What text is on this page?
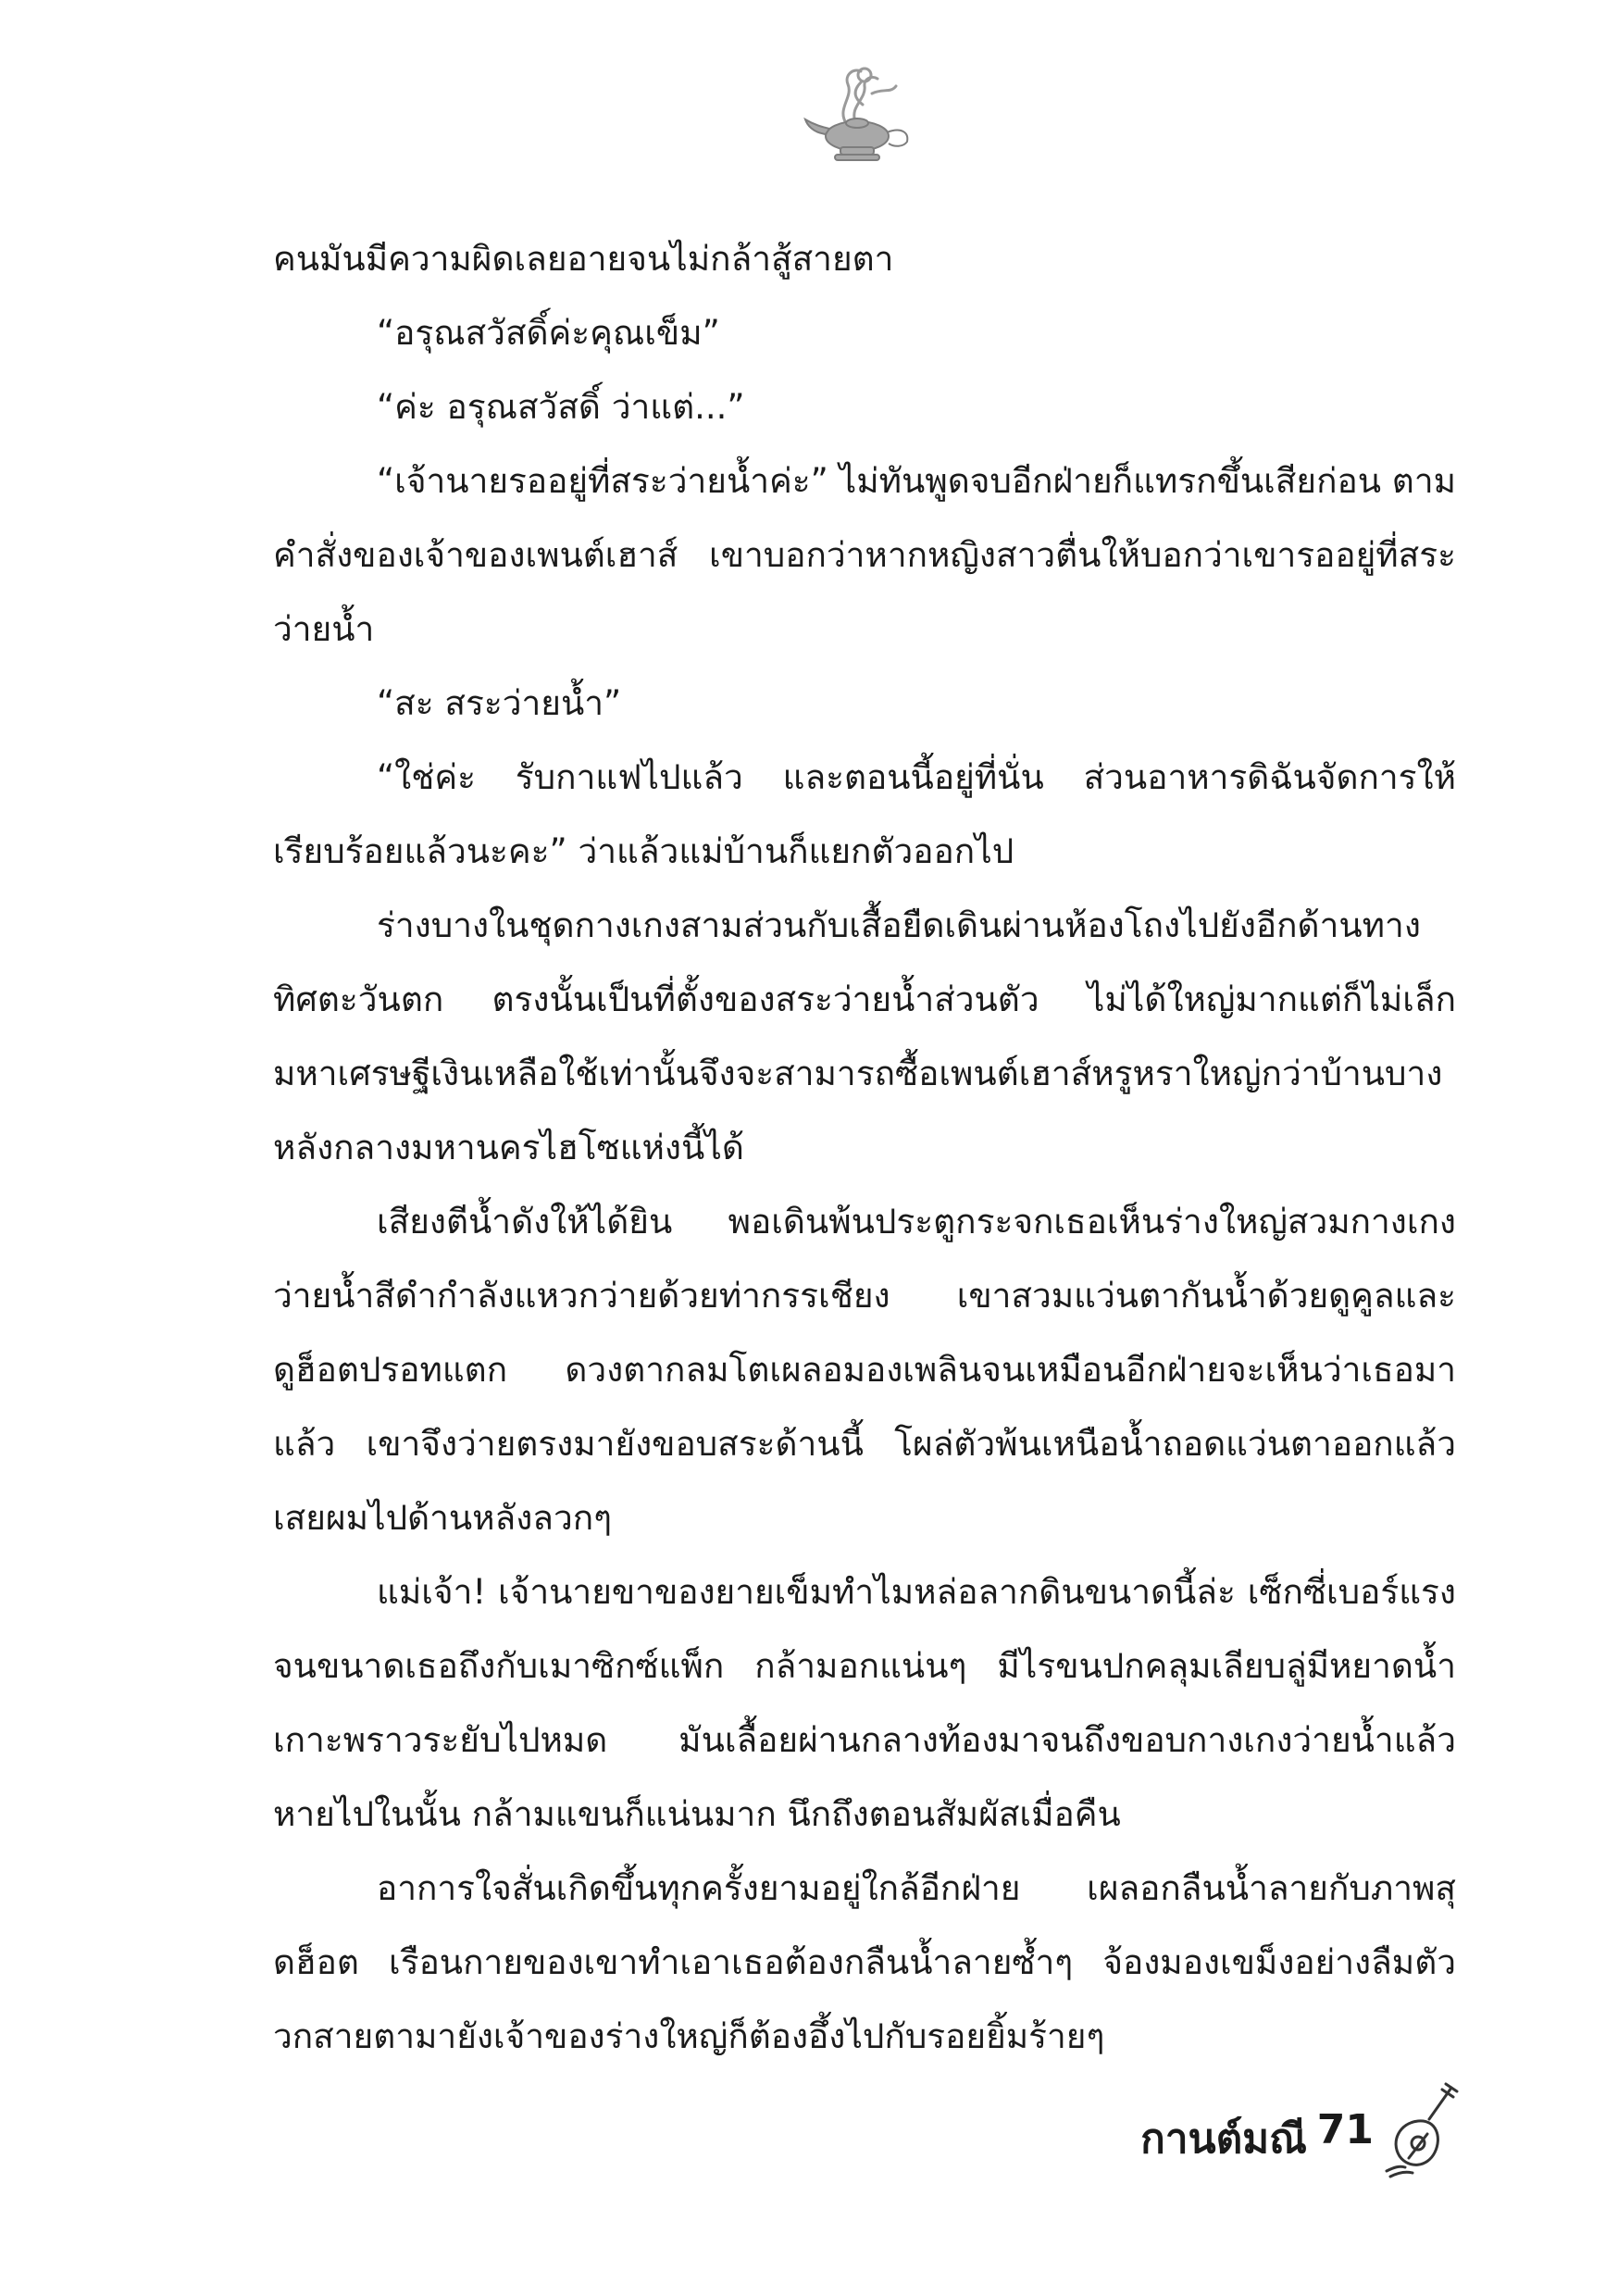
คนมันมีความผิดเลยอายจนไม่กล้าสู้สายตา

“อรุณสวัสดิ์ค่ะคุณเข็ม”

“ค่ะ อรุณสวัสดิ์ ว่าแต่...”

“เจ้านายรออยู่ที่สระว่ายน้ำค่ะ” ไม่ทันพูดจบอีกฝ่ายก็แทรกขึ้นเสียก่อน ตามคำสั่งของเจ้าของเพนต์เฮาส์ เขาบอกว่าหากหญิงสาวตื่นให้บอกว่าเขารออยู่ที่สระว่ายน้ำ

“สะ สระว่ายน้ำ”

“ใช่ค่ะ รับกาแฟไปแล้ว และตอนนี้อยู่ที่นั่น ส่วนอาหารดิฉันจัดการให้เรียบร้อยแล้วนะคะ” ว่าแล้วแม่บ้านก็แยกตัวออกไป

ร่างบางในชุดกางเกงสามส่วนกับเสื้อยืดเดินผ่านห้องโถงไปยังอีกด้านทางทิศตะวันตก ตรงนั้นเป็นที่ตั้งของสระว่ายน้ำส่วนตัว ไม่ได้ใหญ่มากแต่ก็ไม่เล็ก มหาเศรษฐีเงินเหลือใช้เท่านั้นจึงจะสามารถซื้อเพนต์เฮาส์หรูหราใหญ่กว่าบ้านบางหลังกลางมหานครไฮโซแห่งนี้ได้

เสียงตีน้ำดังให้ได้ยิน พอเดินพ้นประตูกระจกเธอเห็นร่างใหญ่สวมกางเกงว่ายน้ำสีดำกำลังแหวกว่ายด้วยท่ากรรเชียง เขาสวมแว่นตากันน้ำด้วยดูคูลและดูฮ็อตปรอทแตก ดวงตากลมโตเผลอมองเพลินจนเหมือนอีกฝ่ายจะเห็นว่าเธอมาแล้ว เขาจึงว่ายตรงมายังขอบสระด้านนี้ โผล่ตัวพ้นเหนือน้ำถอดแว่นตาออกแล้วเสยผมไปด้านหลังลวกๆ

แม่เจ้า! เจ้านายขาของยายเข็มทำไมหล่อลากดินขนาดนี้ล่ะ เซ็กซี่เบอร์แรงจนขนาดเธอถึงกับเมาซิกซ์แพ็ก กล้ามอกแน่นๆ มีไรขนปกคลุมเลียบลู่มีหยาดน้ำเกาะพราวระยับไปหมด มันเลื้อยผ่านกลางท้องมาจนถึงขอบกางเกงว่ายน้ำแล้วหายไปในนั้น กล้ามแขนก็แน่นมาก นึกถึงตอนสัมผัสเมื่อคืน

อาการใจสั่นเกิดขึ้นทุกครั้งยามอยู่ใกล้อีกฝ่าย เผลอกลืนน้ำลายกับภาพสุดฮ็อต เรือนกายของเขาทำเอาเธอต้องกลืนน้ำลายซ้ำๆ จ้องมองเขม็งอย่างลืมตัว วกสายตามายังเจ้าของร่างใหญ่ก็ต้องอึ้งไปกับรอยยิ้มร้ายๆ

กานต์มณี 71
